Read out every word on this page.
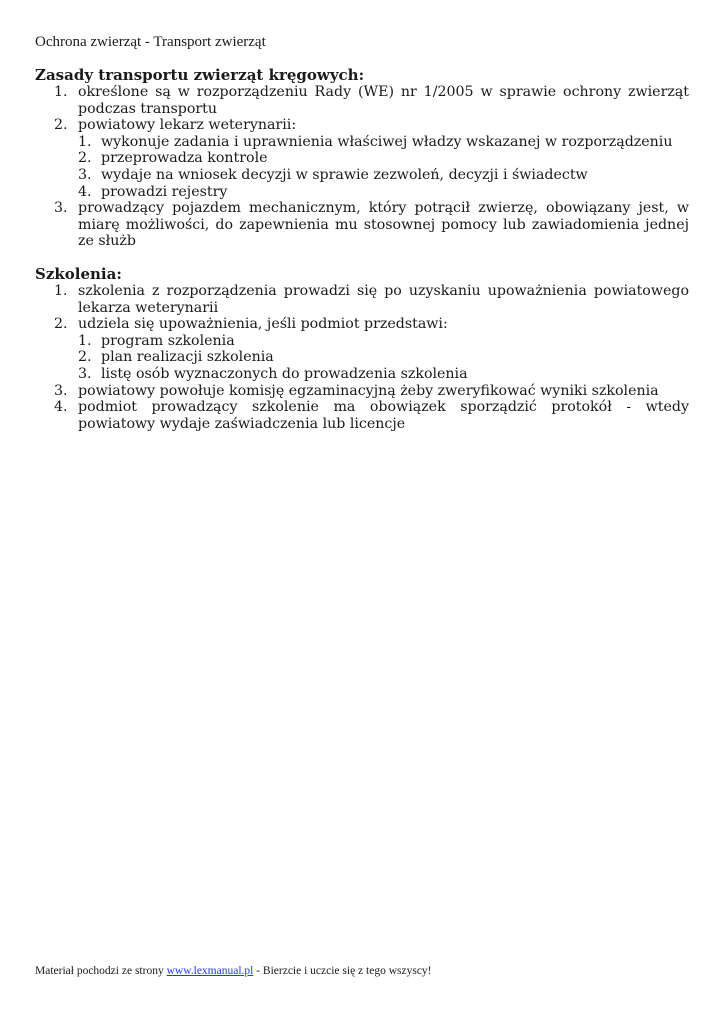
Ochrona zwierząt - Transport zwierząt
Zasady transportu zwierząt kręgowych:
1. określone są w rozporządzeniu Rady (WE) nr 1/2005 w sprawie ochrony zwierząt podczas transportu
2. powiatowy lekarz weterynarii:
1. wykonuje zadania i uprawnienia właściwej władzy wskazanej w rozporządzeniu
2. przeprowadza kontrole
3. wydaje na wniosek decyzji w sprawie zezwoleń, decyzji i świadectw
4. prowadzi rejestry
3. prowadzący pojazdem mechanicznym, który potrącił zwierzę, obowiązany jest, w miarę możliwości, do zapewnienia mu stosownej pomocy lub zawiadomienia jednej ze służb
Szkolenia:
1. szkolenia z rozporządzenia prowadzi się po uzyskaniu upoważnienia powiatowego lekarza weterynarii
2. udziela się upoważnienia, jeśli podmiot przedstawi:
1. program szkolenia
2. plan realizacji szkolenia
3. listę osób wyznaczonych do prowadzenia szkolenia
3. powiatowy powołuje komisję egzaminacyjną żeby zweryfikować wyniki szkolenia
4. podmiot prowadzący szkolenie ma obowiązek sporządzić protokół - wtedy powiatowy wydaje zaświadczenia lub licencje
Materiał pochodzi ze strony www.lexmanual.pl - Bierzcie i uczcie się z tego wszyscy!
